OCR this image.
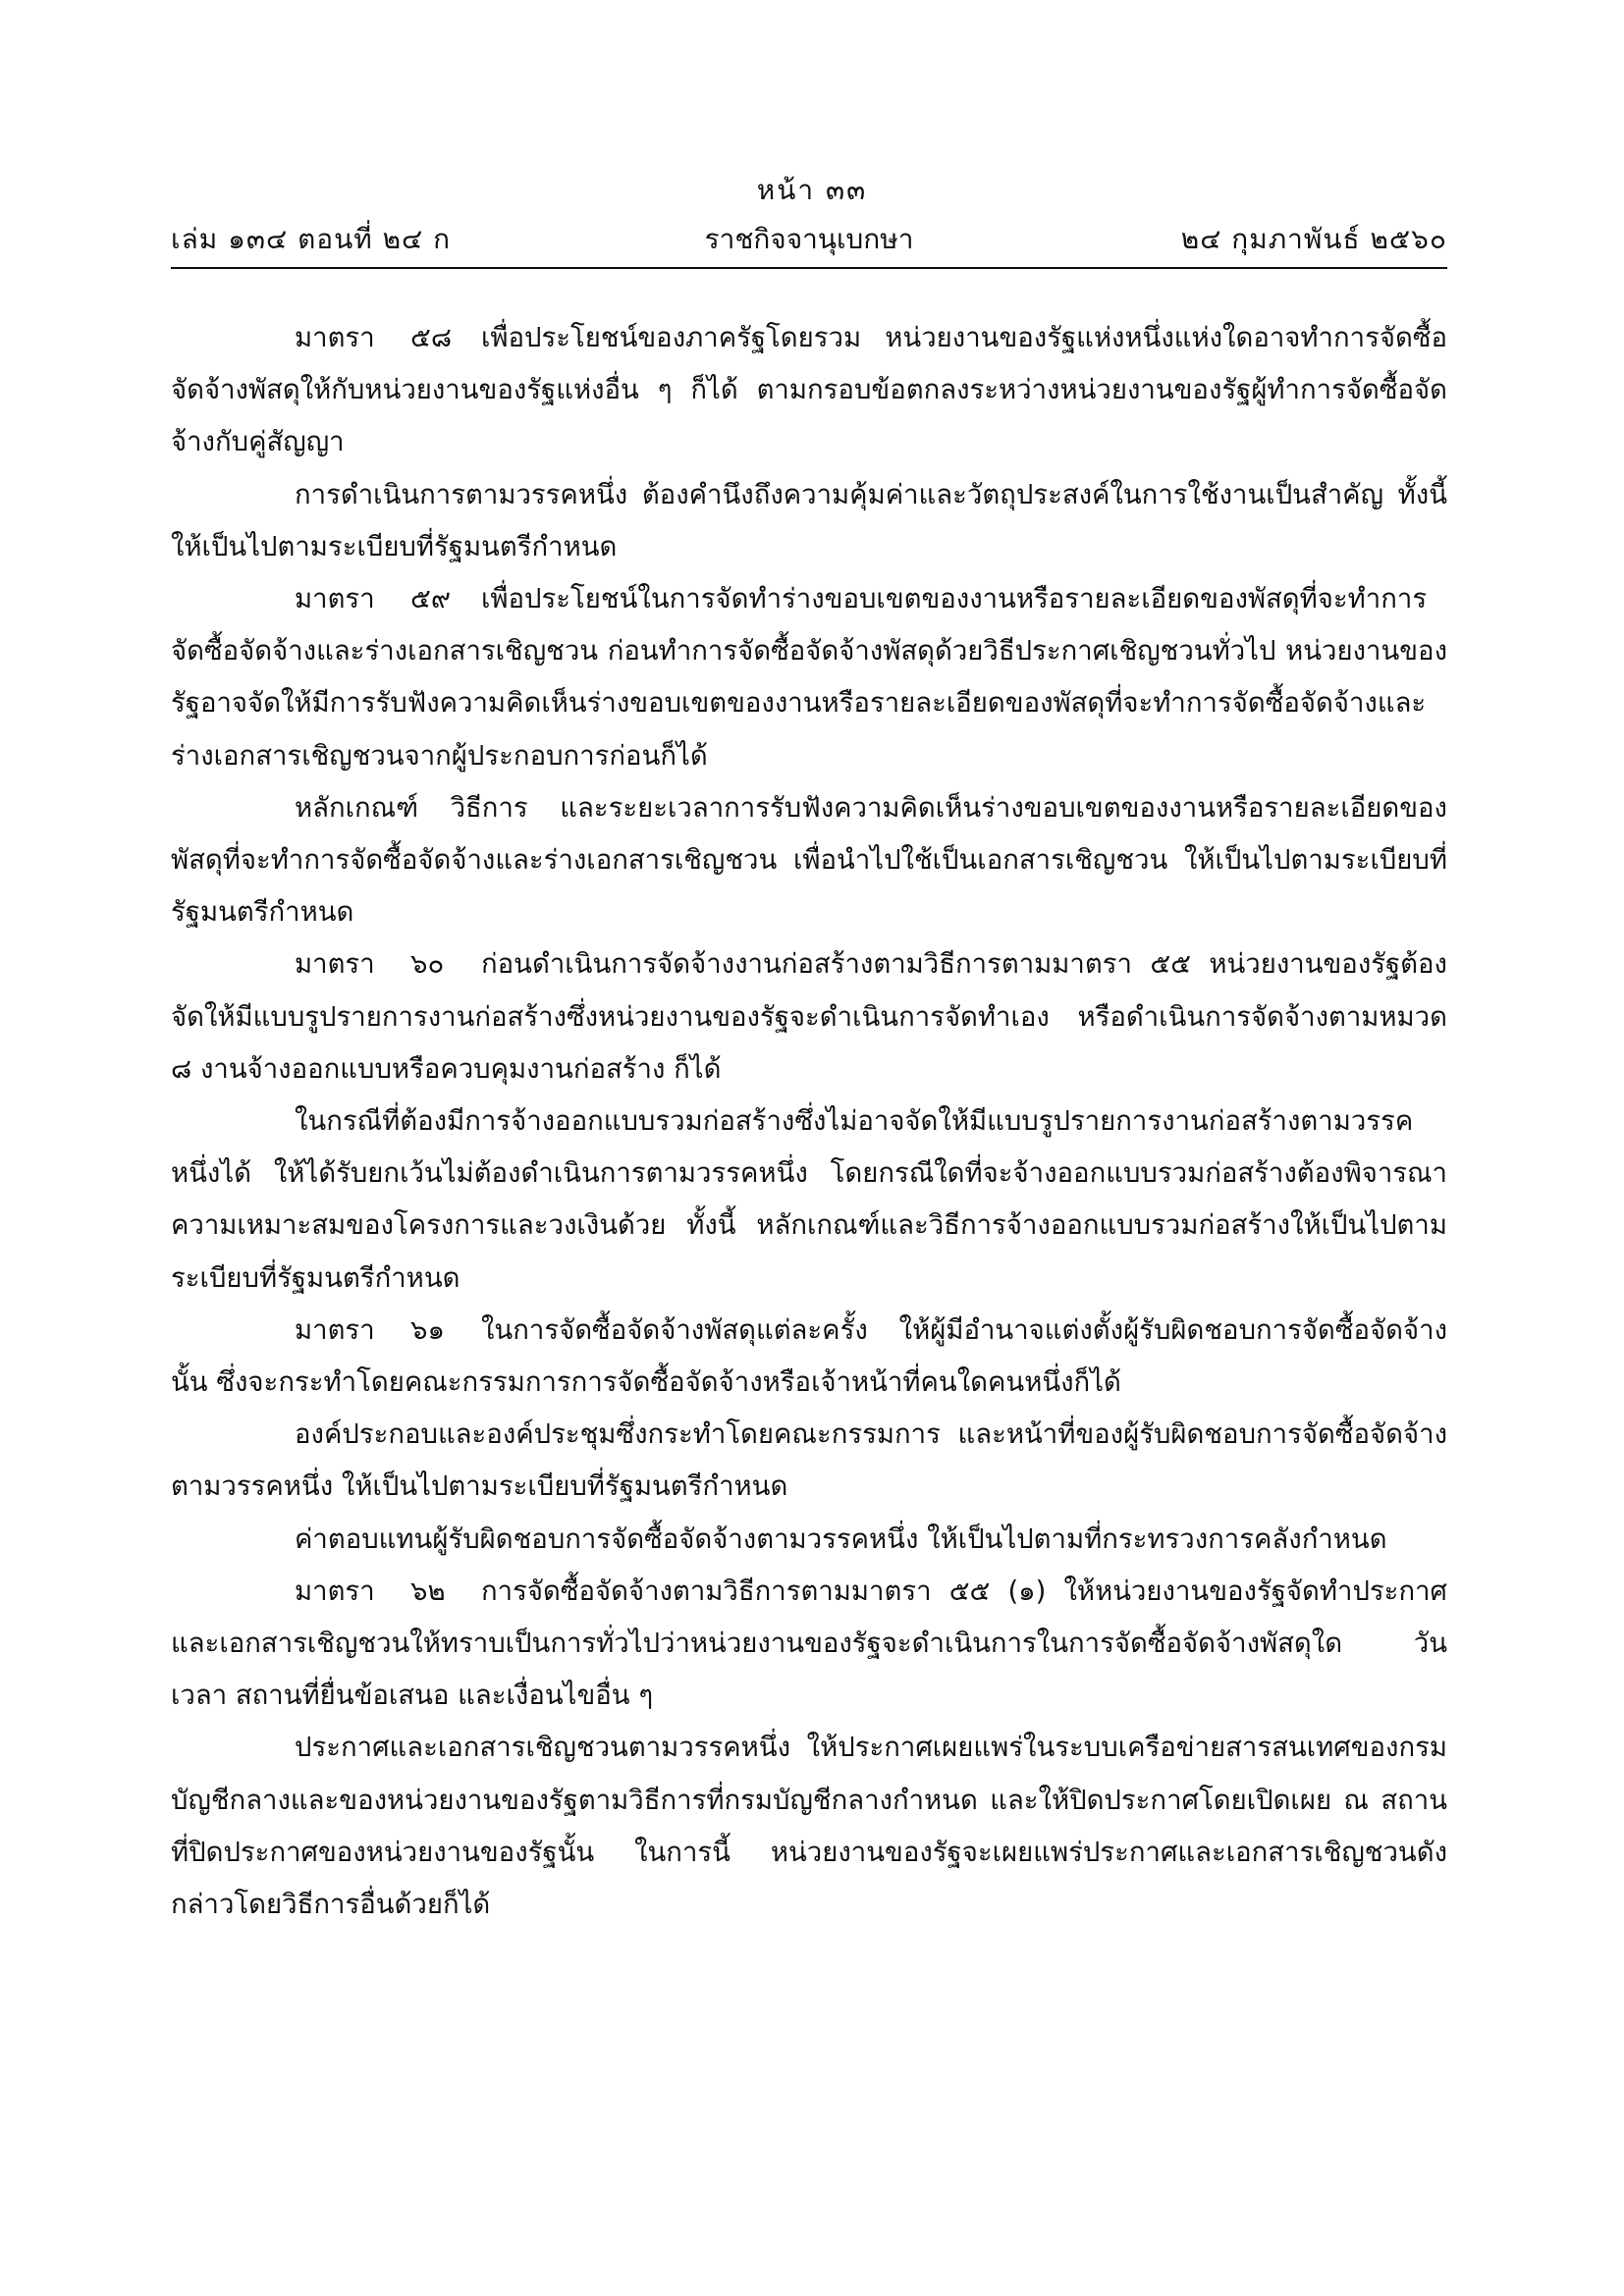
หน้า ๓๓
ราชกิจจานุเบกษา
เล่ม ๑๓๔ ตอนที่ ๒๔ ก	๒๔ กุมภาพันธ์ ๒๕๖๐

มาตรา ๕๘ เพื่อประโยชน์ของภาครัฐโดยรวม หน่วยงานของรัฐแห่งหนึ่งแห่งใดอาจทำการจัดซื้อจัดจ้างพัสดุให้กับหน่วยงานของรัฐแห่งอื่น ๆ ก็ได้ ตามกรอบข้อตกลงระหว่างหน่วยงานของรัฐผู้ทำการจัดซื้อจัดจ้างกับคู่สัญญา

การดำเนินการตามวรรคหนึ่ง ต้องคำนึงถึงความคุ้มค่าและวัตถุประสงค์ในการใช้งานเป็นสำคัญ ทั้งนี้ ให้เป็นไปตามระเบียบที่รัฐมนตรีกำหนด

มาตรา ๕๙ เพื่อประโยชน์ในการจัดทำร่างขอบเขตของงานหรือรายละเอียดของพัสดุที่จะทำการจัดซื้อจัดจ้างและร่างเอกสารเชิญชวน ก่อนทำการจัดซื้อจัดจ้างพัสดุด้วยวิธีประกาศเชิญชวนทั่วไป หน่วยงานของรัฐอาจจัดให้มีการรับฟังความคิดเห็นร่างขอบเขตของงานหรือรายละเอียดของพัสดุที่จะทำการจัดซื้อจัดจ้างและร่างเอกสารเชิญชวนจากผู้ประกอบการก่อนก็ได้

หลักเกณฑ์ วิธีการ และระยะเวลาการรับฟังความคิดเห็นร่างขอบเขตของงานหรือรายละเอียดของพัสดุที่จะทำการจัดซื้อจัดจ้างและร่างเอกสารเชิญชวน เพื่อนำไปใช้เป็นเอกสารเชิญชวน ให้เป็นไปตามระเบียบที่รัฐมนตรีกำหนด

มาตรา ๖๐ ก่อนดำเนินการจัดจ้างงานก่อสร้างตามวิธีการตามมาตรา ๕๕ หน่วยงานของรัฐต้องจัดให้มีแบบรูปรายการงานก่อสร้างซึ่งหน่วยงานของรัฐจะดำเนินการจัดทำเอง หรือดำเนินการจัดจ้างตามหมวด ๘ งานจ้างออกแบบหรือควบคุมงานก่อสร้าง ก็ได้

ในกรณีที่ต้องมีการจ้างออกแบบรวมก่อสร้างซึ่งไม่อาจจัดให้มีแบบรูปรายการงานก่อสร้างตามวรรคหนึ่งได้ ให้ได้รับยกเว้นไม่ต้องดำเนินการตามวรรคหนึ่ง โดยกรณีใดที่จะจ้างออกแบบรวมก่อสร้างต้องพิจารณาความเหมาะสมของโครงการและวงเงินด้วย ทั้งนี้ หลักเกณฑ์และวิธีการจ้างออกแบบรวมก่อสร้างให้เป็นไปตามระเบียบที่รัฐมนตรีกำหนด

มาตรา ๖๑ ในการจัดซื้อจัดจ้างพัสดุแต่ละครั้ง ให้ผู้มีอำนาจแต่งตั้งผู้รับผิดชอบการจัดซื้อจัดจ้างนั้น ซึ่งจะกระทำโดยคณะกรรมการการจัดซื้อจัดจ้างหรือเจ้าหน้าที่คนใดคนหนึ่งก็ได้

องค์ประกอบและองค์ประชุมซึ่งกระทำโดยคณะกรรมการ และหน้าที่ของผู้รับผิดชอบการจัดซื้อจัดจ้างตามวรรคหนึ่ง ให้เป็นไปตามระเบียบที่รัฐมนตรีกำหนด

ค่าตอบแทนผู้รับผิดชอบการจัดซื้อจัดจ้างตามวรรคหนึ่ง ให้เป็นไปตามที่กระทรวงการคลังกำหนด

มาตรา ๖๒ การจัดซื้อจัดจ้างตามวิธีการตามมาตรา ๕๕ (๑) ให้หน่วยงานของรัฐจัดทำประกาศและเอกสารเชิญชวนให้ทราบเป็นการทั่วไปว่าหน่วยงานของรัฐจะดำเนินการในการจัดซื้อจัดจ้างพัสดุใด วัน เวลา สถานที่ยื่นข้อเสนอ และเงื่อนไขอื่น ๆ

ประกาศและเอกสารเชิญชวนตามวรรคหนึ่ง ให้ประกาศเผยแพร่ในระบบเครือข่ายสารสนเทศของกรมบัญชีกลางและของหน่วยงานของรัฐตามวิธีการที่กรมบัญชีกลางกำหนด และให้ปิดประกาศโดยเปิดเผย ณ สถานที่ปิดประกาศของหน่วยงานของรัฐนั้น ในการนี้ หน่วยงานของรัฐจะเผยแพร่ประกาศและเอกสารเชิญชวนดังกล่าวโดยวิธีการอื่นด้วยก็ได้
